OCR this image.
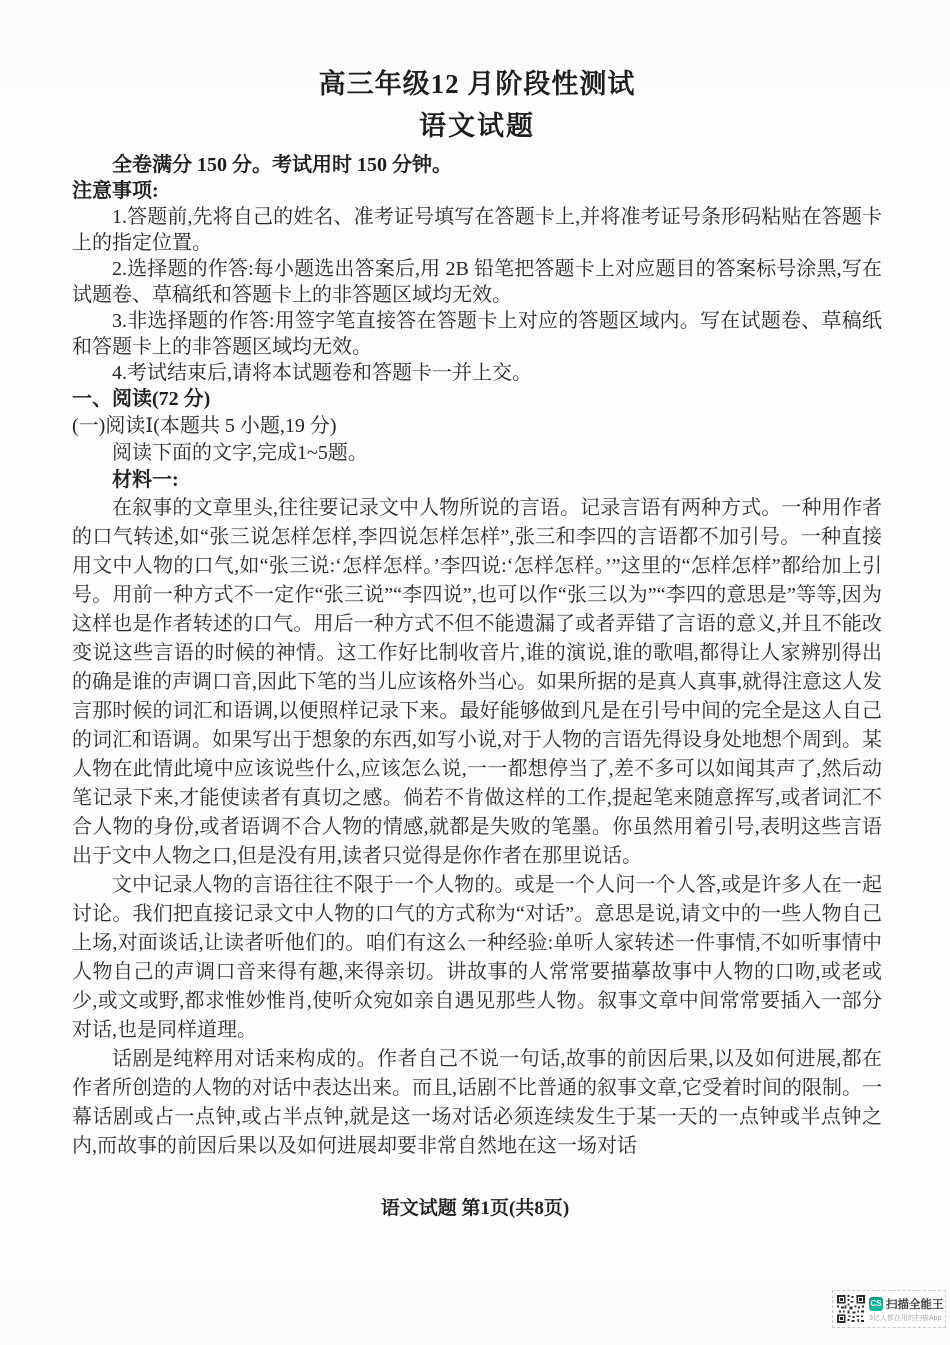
高三年级12 月阶段性测试
语文试题
全卷满分 150 分。考试用时 150 分钟。
注意事项:

1.答题前,先将自己的姓名、准考证号填写在答题卡上,并将准考证号条形码粘贴在答题卡上的指定位置。

2.选择题的作答:每小题选出答案后,用 2B 铅笔把答题卡上对应题目的答案标号涂黑,写在试题卷、草稿纸和答题卡上的非答题区域均无效。

3.非选择题的作答:用签字笔直接答在答题卡上对应的答题区域内。写在试题卷、草稿纸和答题卡上的非答题区域均无效。

4.考试结束后,请将本试题卷和答题卡一并上交。

一、阅读(72 分)
(一)阅读Ⅰ(本题共 5 小题,19 分)
阅读下面的文字,完成1~5题。
材料一:

在叙事的文章里头,往往要记录文中人物所说的言语。记录言语有两种方式。一种用作者的口气转述,如“张三说怎样怎样,李四说怎样怎样”,张三和李四的言语都不加引号。一种直接用文中人物的口气,如“张三说:‘怎样怎样。’李四说:‘怎样怎样。’”这里的“怎样怎样”都给加上引号。用前一种方式不一定作“张三说”“李四说”,也可以作“张三以为”“李四的意思是”等等,因为这样也是作者转述的口气。用后一种方式不但不能遗漏了或者弄错了言语的意义,并且不能改变说这些言语的时候的神情。这工作好比制收音片,谁的演说,谁的歌唱,都得让人家辨别得出的确是谁的声调口音,因此下笔的当儿应该格外当心。如果所据的是真人真事,就得注意这人发言那时候的词汇和语调,以便照样记录下来。最好能够做到凡是在引号中间的完全是这人自己的词汇和语调。如果写出于想象的东西,如写小说,对于人物的言语先得设身处地想个周到。某人物在此情此境中应该说些什么,应该怎么说,一一都想停当了,差不多可以如闻其声了,然后动笔记录下来,才能使读者有真切之感。倘若不肯做这样的工作,提起笔来随意挥写,或者词汇不合人物的身份,或者语调不合人物的情感,就都是失败的笔墨。你虽然用着引号,表明这些言语出于文中人物之口,但是没有用,读者只觉得是你作者在那里说话。

文中记录人物的言语往往不限于一个人物的。或是一个人问一个人答,或是许多人在一起讨论。我们把直接记录文中人物的口气的方式称为“对话”。意思是说,请文中的一些人物自己上场,对面谈话,让读者听他们的。咱们有这么一种经验:单听人家转述一件事情,不如听事情中人物自己的声调口音来得有趣,来得亲切。讲故事的人常常要描摹故事中人物的口吻,或老或少,或文或野,都求惟妙惟肖,使听众宛如亲自遇见那些人物。叙事文章中间常常要插入一部分对话,也是同样道理。

话剧是纯粹用对话来构成的。作者自己不说一句话,故事的前因后果,以及如何进展,都在作者所创造的人物的对话中表达出来。而且,话剧不比普通的叙事文章,它受着时间的限制。一幕话剧或占一点钟,或占半点钟,就是这一场对话必须连续发生于某一天的一点钟或半点钟之内,而故事的前因后果以及如何进展却要非常自然地在这一场对话

语文试题 第1页(共8页)
CS 扫描全能王
3亿人都在用的扫描App
